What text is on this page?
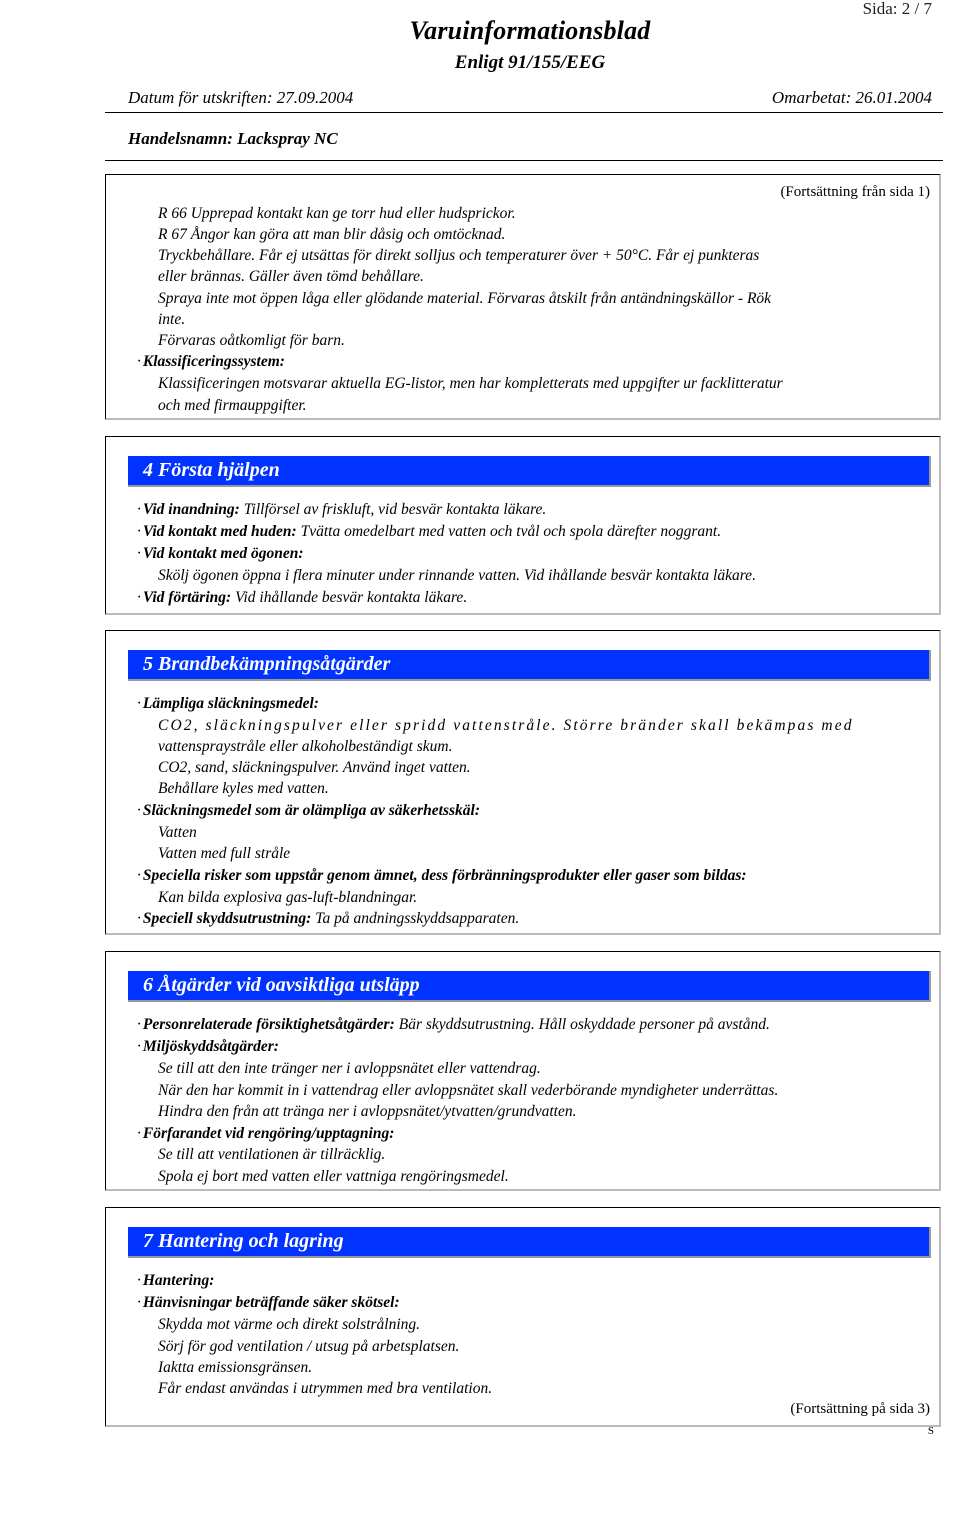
Sida: 2 / 7
Varuinformationsblad
Enligt 91/155/EEG
Datum för utskriften: 27.09.2004	Omarbetat: 26.01.2004
Handelsnamn: Lackspray NC
(Fortsättning från sida 1)
R 66 Upprepad kontakt kan ge torr hud eller hudsprickor.
R 67 Ångor kan göra att man blir dåsig och omtöcknad.
Tryckbehållare. Får ej utsättas för direkt solljus och temperaturer över + 50°C. Får ej punkteras
eller brännas. Gäller även tömd behållare.
Spraya inte mot öppen låga eller glödande material. Förvaras åtskilt från antändningskällor - Rök
inte.
Förvaras oåtkomligt för barn.
· Klassificeringssystem:
Klassificeringen motsvarar aktuella EG-listor, men har kompletterats med uppgifter ur facklitteratur
och med firmauppgifter.
4 Första hjälpen
· Vid inandning: Tillförsel av friskluft, vid besvär kontakta läkare.
· Vid kontakt med huden: Tvätta omedelbart med vatten och tvål och spola därefter noggrant.
· Vid kontakt med ögonen:
Skölj ögonen öppna i flera minuter under rinnande vatten. Vid ihållande besvär kontakta läkare.
· Vid förtäring: Vid ihållande besvär kontakta läkare.
5 Brandbekämpningsåtgärder
· Lämpliga släckningsmedel:
CO2, släckningspulver eller spridd vattenstråle. Större bränder skall bekämpas med
vattenspraystråle eller alkoholbeständigt skum.
CO2, sand, släckningspulver. Använd inget vatten.
Behållare kyles med vatten.
· Släckningsmedel som är olämpliga av säkerhetsskäl:
Vatten
Vatten med full stråle
· Speciella risker som uppstår genom ämnet, dess förbränningsprodukter eller gaser som bildas:
Kan bilda explosiva gas-luft-blandningar.
· Speciell skyddsutrustning: Ta på andningsskyddsapparaten.
6 Åtgärder vid oavsiktliga utsläpp
· Personrelaterade försiktighetsåtgärder: Bär skyddsutrustning. Håll oskyddade personer på avstånd.
· Miljöskyddsåtgärder:
Se till att den inte tränger ner i avloppsnätet eller vattendrag.
När den har kommit in i vattendrag eller avloppsnätet skall vederbörande myndigheter underrättas.
Hindra den från att tränga ner i avloppsnätet/ytvatten/grundvatten.
· Förfarandet vid rengöring/upptagning:
Se till att ventilationen är tillräcklig.
Spola ej bort med vatten eller vattniga rengöringsmedel.
7 Hantering och lagring
· Hantering:
· Hänvisningar beträffande säker skötsel:
Skydda mot värme och direkt solstrålning.
Sörj för god ventilation / utsug på arbetsplatsen.
Iaktta emissionsgränsen.
Får endast användas i utrymmen med bra ventilation.
(Fortsättning på sida 3)
S
